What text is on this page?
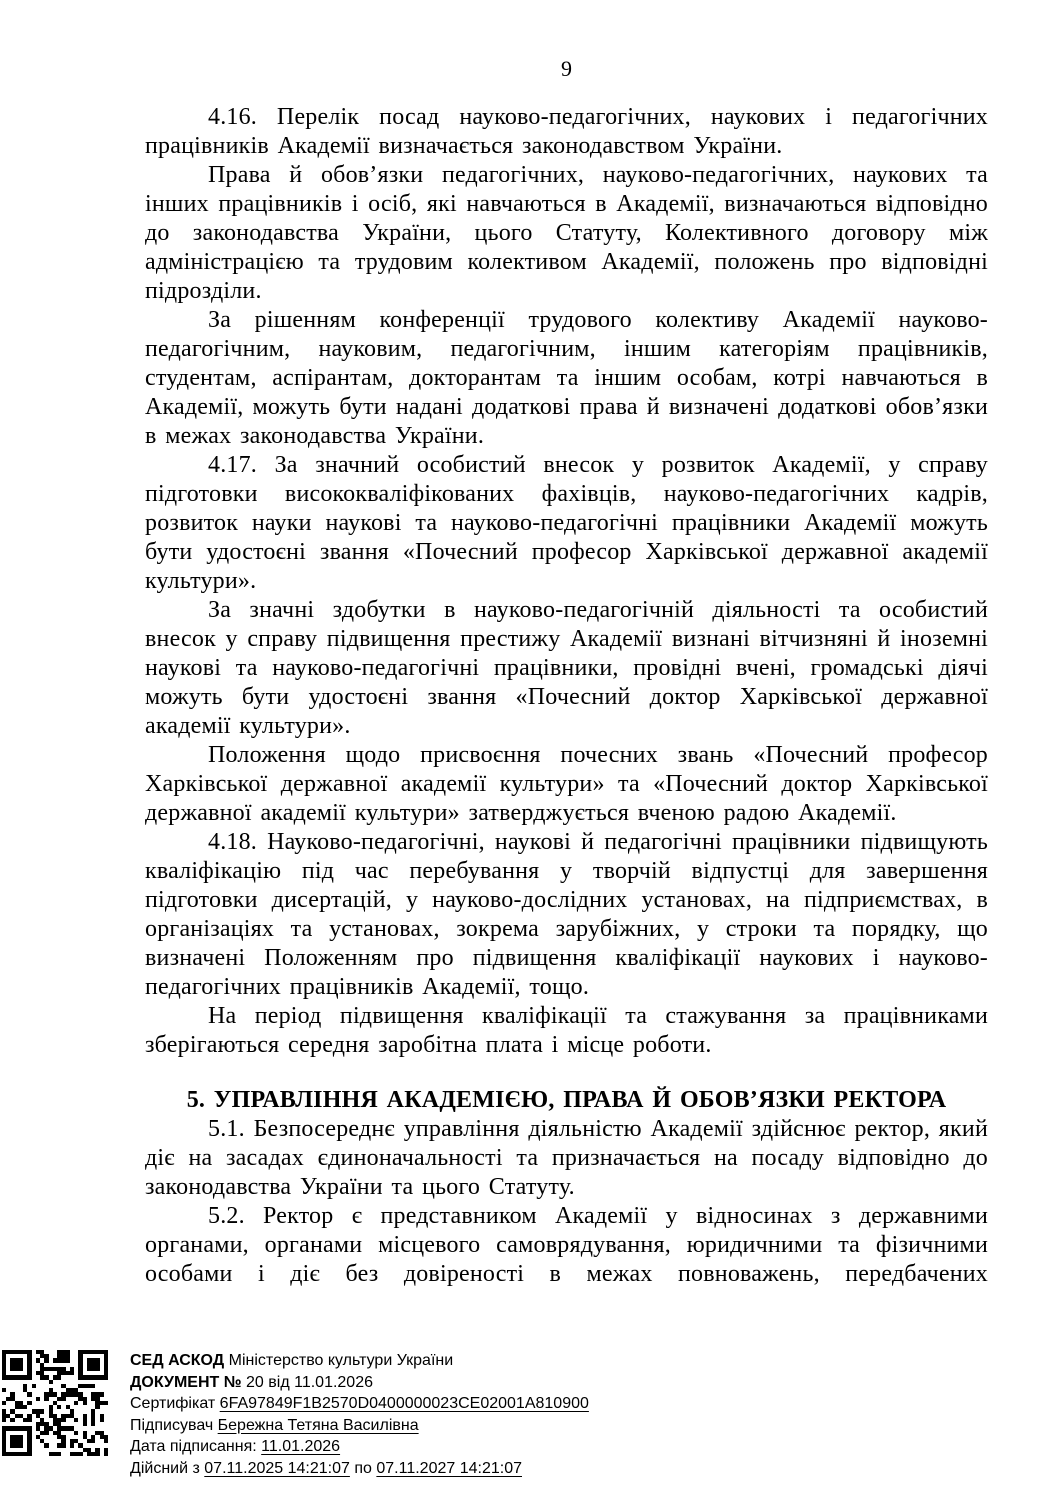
9

4.16. Перелік посад науково-педагогічних, наукових і педагогічних працівників Академії визначається законодавством України.

Права й обов’язки педагогічних, науково-педагогічних, наукових та інших працівників і осіб, які навчаються в Академії, визначаються відповідно до законодавства України, цього Статуту, Колективного договору між адміністрацією та трудовим колективом Академії, положень про відповідні підрозділи.

За рішенням конференції трудового колективу Академії науково-педагогічним, науковим, педагогічним, іншим категоріям працівників, студентам, аспірантам, докторантам та іншим особам, котрі навчаються в Академії, можуть бути надані додаткові права й визначені додаткові обов’язки в межах законодавства України.

4.17. За значний особистий внесок у розвиток Академії, у справу підготовки висококваліфікованих фахівців, науково-педагогічних кадрів, розвиток науки наукові та науково-педагогічні працівники Академії можуть бути удостоєні звання «Почесний професор Харківської державної академії культури».

За значні здобутки в науково-педагогічній діяльності та особистий внесок у справу підвищення престижу Академії визнані вітчизняні й іноземні наукові та науково-педагогічні працівники, провідні вчені, громадські діячі можуть бути удостоєні звання «Почесний доктор Харківської державної академії культури».

Положення щодо присвоєння почесних звань «Почесний професор Харківської державної академії культури» та «Почесний доктор Харківської державної академії культури» затверджується вченою радою Академії.

4.18. Науково-педагогічні, наукові й педагогічні працівники підвищують кваліфікацію під час перебування у творчій відпустці для завершення підготовки дисертацій, у науково-дослідних установах, на підприємствах, в організаціях та установах, зокрема зарубіжних, у строки та порядку, що визначені Положенням про підвищення кваліфікації наукових і науково-педагогічних працівників Академії, тощо.

На період підвищення кваліфікації та стажування за працівниками зберігаються середня заробітна плата і місце роботи.

5. УПРАВЛІННЯ АКАДЕМІЄЮ, ПРАВА Й ОБОВ’ЯЗКИ РЕКТОРА

5.1. Безпосереднє управління діяльністю Академії здійснює ректор, який діє на засадах єдиноначальності та призначається на посаду відповідно до законодавства України та цього Статуту.

5.2. Ректор є представником Академії у відносинах з державними органами, органами місцевого самоврядування, юридичними та фізичними особами і діє без довіреності в межах повноважень, передбачених

СЕД АСКОД Міністерство культури України
ДОКУМЕНТ № 20 від 11.01.2026
Сертифікат 6FA97849F1B2570D0400000023CE02001A810900
Підписувач Бережна Тетяна Василівна
Дата підписання: 11.01.2026
Дійсний з 07.11.2025 14:21:07 по 07.11.2027 14:21:07
